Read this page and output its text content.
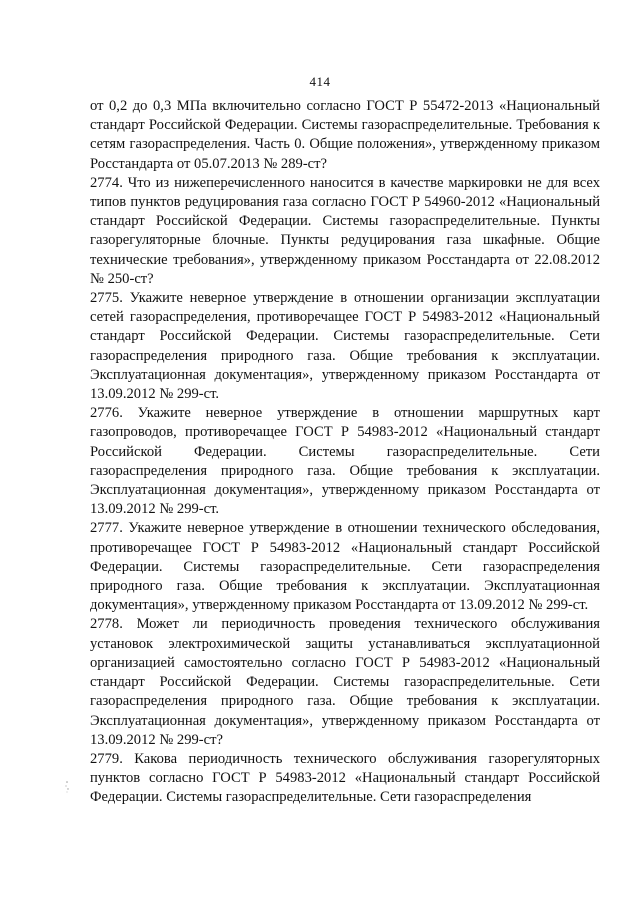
414

от 0,2 до 0,3 МПа включительно согласно ГОСТ Р 55472-2013 «Национальный стандарт Российской Федерации. Системы газораспределительные. Требования к сетям газораспределения. Часть 0. Общие положения», утвержденному приказом Росстандарта от 05.07.2013 № 289-ст?

2774. Что из нижеперечисленного наносится в качестве маркировки не для всех типов пунктов редуцирования газа согласно ГОСТ Р 54960-2012 «Национальный стандарт Российской Федерации. Системы газораспределительные. Пункты газорегуляторные блочные. Пункты редуцирования газа шкафные. Общие технические требования», утвержденному приказом Росстандарта от 22.08.2012 № 250-ст?

2775. Укажите неверное утверждение в отношении организации эксплуатации сетей газораспределения, противоречащее ГОСТ Р 54983-2012 «Национальный стандарт Российской Федерации. Системы газораспределительные. Сети газораспределения природного газа. Общие требования к эксплуатации. Эксплуатационная документация», утвержденному приказом Росстандарта от 13.09.2012 № 299-ст.

2776. Укажите неверное утверждение в отношении маршрутных карт газопроводов, противоречащее ГОСТ Р 54983-2012 «Национальный стандарт Российской Федерации. Системы газораспределительные. Сети газораспределения природного газа. Общие требования к эксплуатации. Эксплуатационная документация», утвержденному приказом Росстандарта от 13.09.2012 № 299-ст.

2777. Укажите неверное утверждение в отношении технического обследования, противоречащее ГОСТ Р 54983-2012 «Национальный стандарт Российской Федерации. Системы газораспределительные. Сети газораспределения природного газа. Общие требования к эксплуатации. Эксплуатационная документация», утвержденному приказом Росстандарта от 13.09.2012 № 299-ст.

2778. Может ли периодичность проведения технического обслуживания установок электрохимической защиты устанавливаться эксплуатационной организацией самостоятельно согласно ГОСТ Р 54983-2012 «Национальный стандарт Российской Федерации. Системы газораспределительные. Сети газораспределения природного газа. Общие требования к эксплуатации. Эксплуатационная документация», утвержденному приказом Росстандарта от 13.09.2012 № 299-ст?

2779. Какова периодичность технического обслуживания газорегуляторных пунктов согласно ГОСТ Р 54983-2012 «Национальный стандарт Российской Федерации. Системы газораспределительные. Сети газораспределения
